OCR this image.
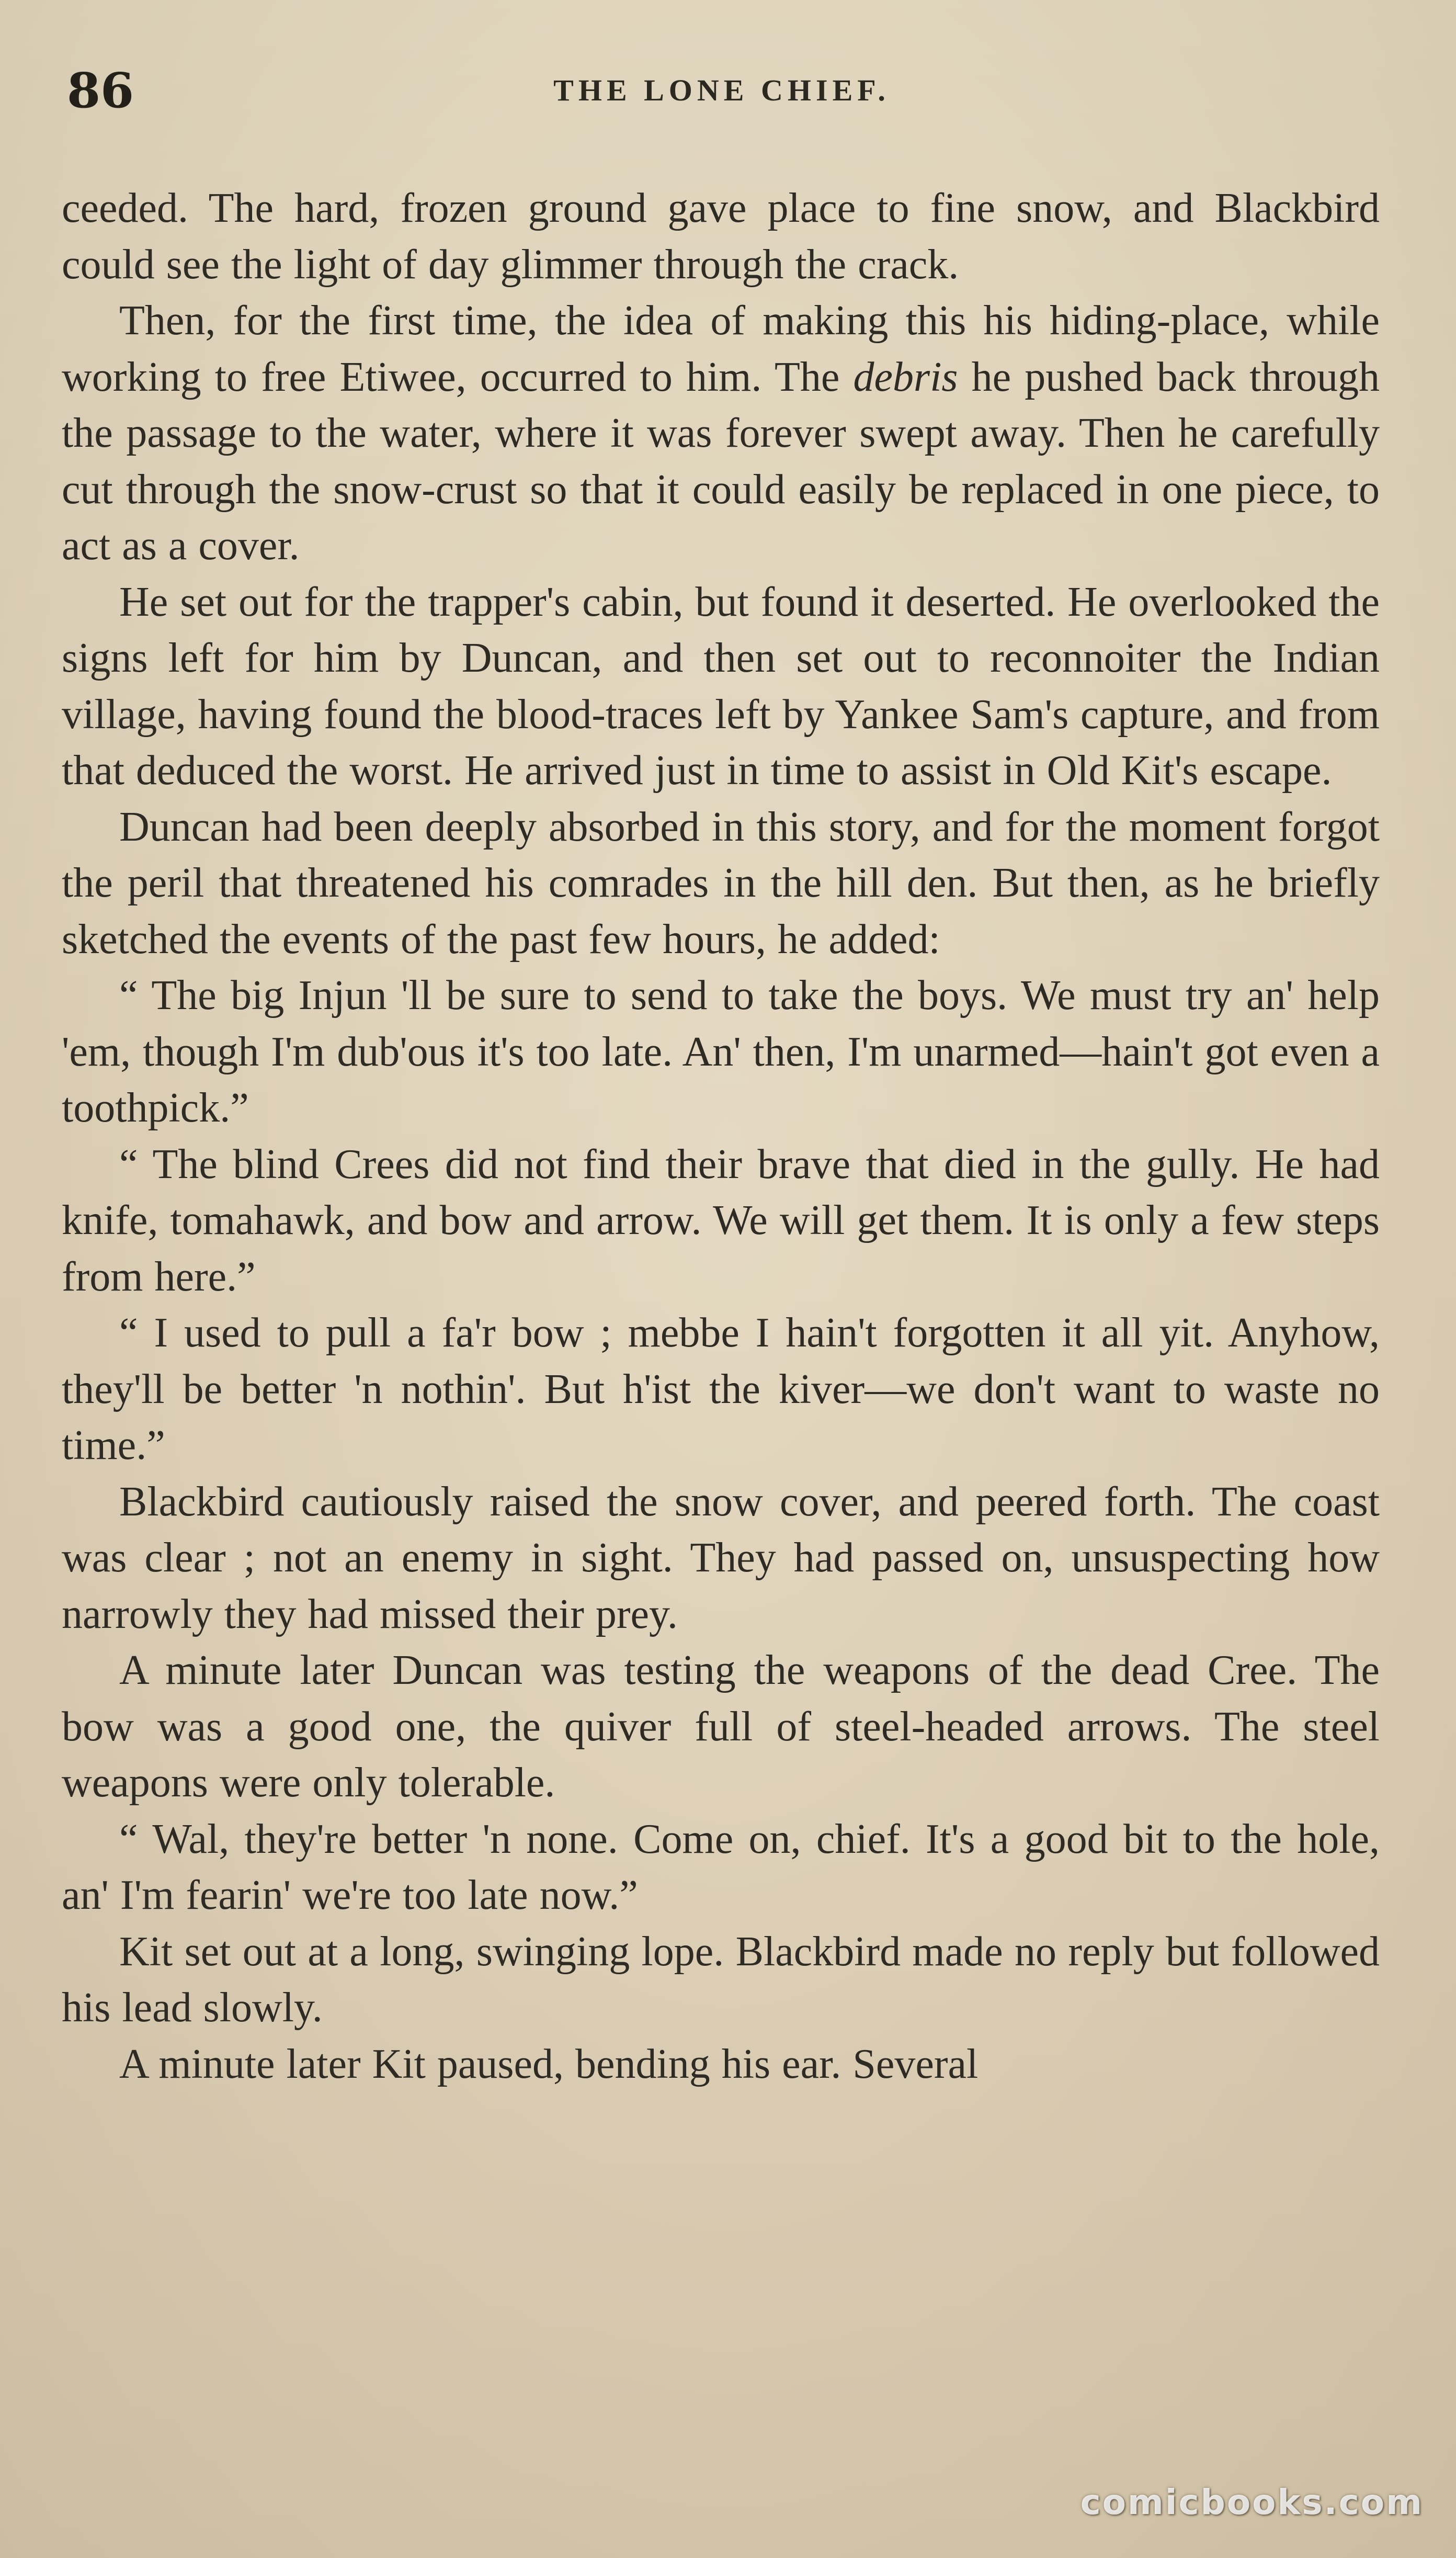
86	THE LONE CHIEF.

ceeded. The hard, frozen ground gave place to fine snow, and Blackbird could see the light of day glimmer through the crack.

Then, for the first time, the idea of making this his hiding-place, while working to free Etiwee, occurred to him. The debris he pushed back through the passage to the water, where it was forever swept away. Then he carefully cut through the snow-crust so that it could easily be replaced in one piece, to act as a cover.

He set out for the trapper's cabin, but found it deserted. He overlooked the signs left for him by Duncan, and then set out to reconnoiter the Indian village, having found the blood-traces left by Yankee Sam's capture, and from that deduced the worst. He arrived just in time to assist in Old Kit's escape.

Duncan had been deeply absorbed in this story, and for the moment forgot the peril that threatened his comrades in the hill den. But then, as he briefly sketched the events of the past few hours, he added:

“ The big Injun 'll be sure to send to take the boys. We must try an' help 'em, though I'm dub'ous it's too late. An' then, I'm unarmed—hain't got even a toothpick.”

“ The blind Crees did not find their brave that died in the gully. He had knife, tomahawk, and bow and arrow. We will get them. It is only a few steps from here.”

“ I used to pull a fa'r bow ; mebbe I hain't forgotten it all yit. Anyhow, they'll be better 'n nothin'. But h'ist the kiver—we don't want to waste no time.”

Blackbird cautiously raised the snow cover, and peered forth. The coast was clear ; not an enemy in sight. They had passed on, unsuspecting how narrowly they had missed their prey.

A minute later Duncan was testing the weapons of the dead Cree. The bow was a good one, the quiver full of steel-headed arrows. The steel weapons were only tolerable.

“ Wal, they're better 'n none. Come on, chief. It's a good bit to the hole, an' I'm fearin' we're too late now.”

Kit set out at a long, swinging lope. Blackbird made no reply but followed his lead slowly.

A minute later Kit paused, bending his ear. Several

comicbooks.com
